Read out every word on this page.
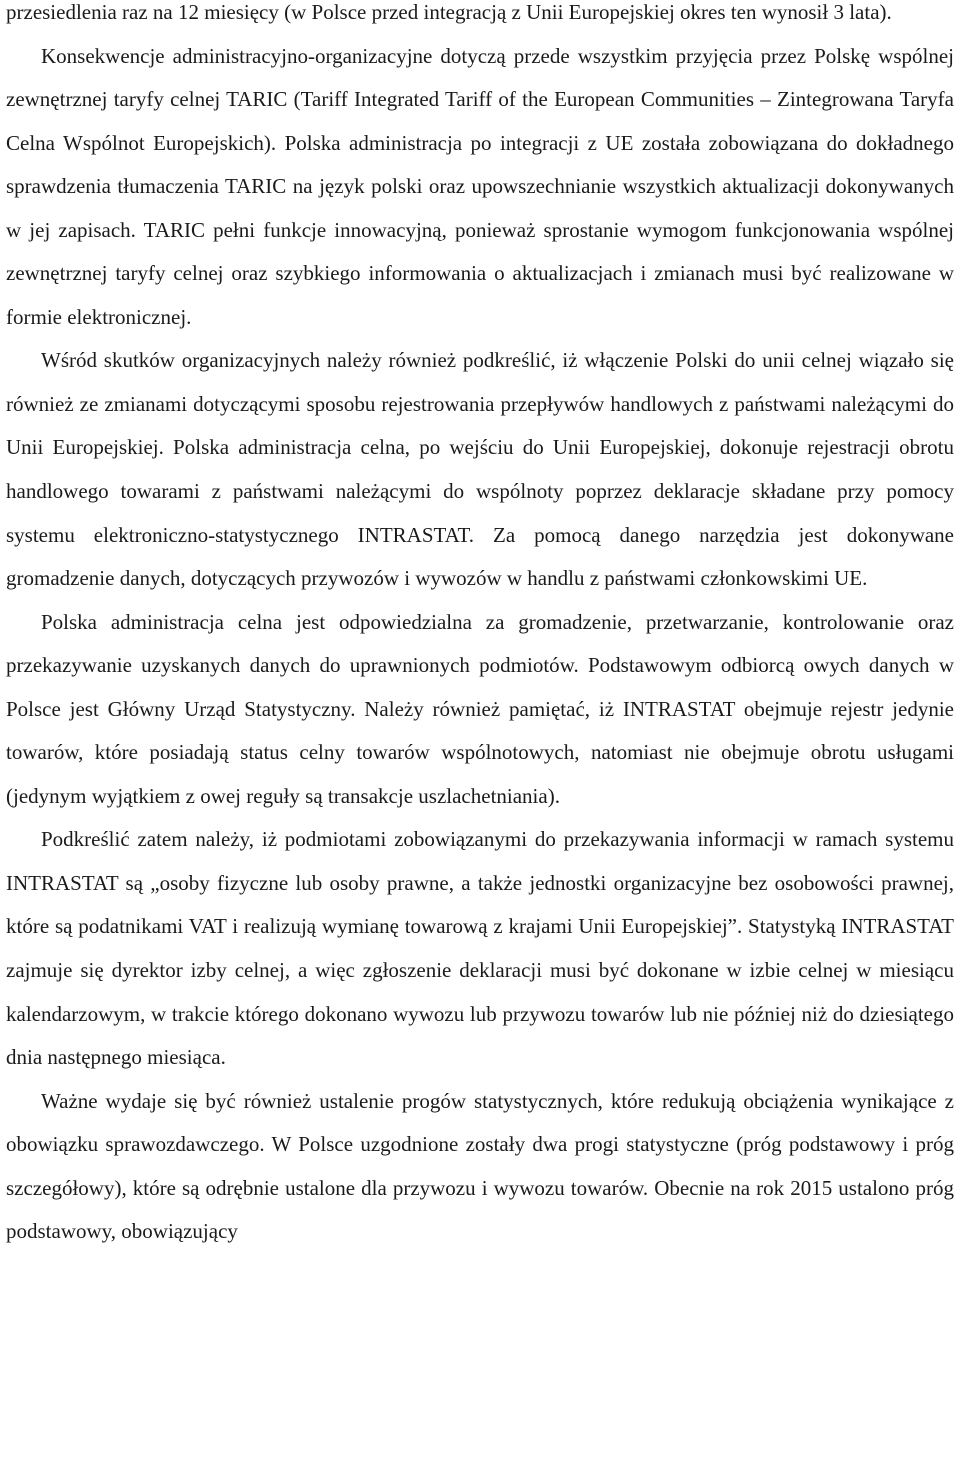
przesiedlenia raz na 12 miesięcy (w Polsce przed integracją z Unii Europejskiej okres ten wynosił 3 lata).

Konsekwencje administracyjno-organizacyjne dotyczą przede wszystkim przyjęcia przez Polskę wspólnej zewnętrznej taryfy celnej TARIC (Tariff Integrated Tariff of the European Communities – Zintegrowana Taryfa Celna Wspólnot Europejskich). Polska administracja po integracji z UE została zobowiązana do dokładnego sprawdzenia tłumaczenia TARIC na język polski oraz upowszechnianie wszystkich aktualizacji dokonywanych w jej zapisach. TARIC pełni funkcje innowacyjną, ponieważ sprostanie wymogom funkcjonowania wspólnej zewnętrznej taryfy celnej oraz szybkiego informowania o aktualizacjach i zmianach musi być realizowane w formie elektronicznej.

Wśród skutków organizacyjnych należy również podkreślić, iż włączenie Polski do unii celnej wiązało się również ze zmianami dotyczącymi sposobu rejestrowania przepływów handlowych z państwami należącymi do Unii Europejskiej. Polska administracja celna, po wejściu do Unii Europejskiej, dokonuje rejestracji obrotu handlowego towarami z państwami należącymi do wspólnoty poprzez deklaracje składane przy pomocy systemu elektroniczno-statystycznego INTRASTAT. Za pomocą danego narzędzia jest dokonywane gromadzenie danych, dotyczących przywozów i wywozów w handlu z państwami członkowskimi UE.

Polska administracja celna jest odpowiedzialna za gromadzenie, przetwarzanie, kontrolowanie oraz przekazywanie uzyskanych danych do uprawnionych podmiotów. Podstawowym odbiorcą owych danych w Polsce jest Główny Urząd Statystyczny. Należy również pamiętać, iż INTRASTAT obejmuje rejestr jedynie towarów, które posiadają status celny towarów wspólnotowych, natomiast nie obejmuje obrotu usługami (jedynym wyjątkiem z owej reguły są transakcje uszlachetniania).

Podkreślić zatem należy, iż podmiotami zobowiązanymi do przekazywania informacji w ramach systemu INTRASTAT są „osoby fizyczne lub osoby prawne, a także jednostki organizacyjne bez osobowości prawnej, które są podatnikami VAT i realizują wymianę towarową z krajami Unii Europejskiej”. Statystyką INTRASTAT zajmuje się dyrektor izby celnej, a więc zgłoszenie deklaracji musi być dokonane w izbie celnej w miesiącu kalendarzowym, w trakcie którego dokonano wywozu lub przywozu towarów lub nie później niż do dziesiątego dnia następnego miesiąca.

Ważne wydaje się być również ustalenie progów statystycznych, które redukują obciążenia wynikające z obowiązku sprawozdawczego. W Polsce uzgodnione zostały dwa progi statystyczne (próg podstawowy i próg szczegółowy), które są odrębnie ustalone dla przywozu i wywozu towarów. Obecnie na rok 2015 ustalono próg podstawowy, obowiązujący
